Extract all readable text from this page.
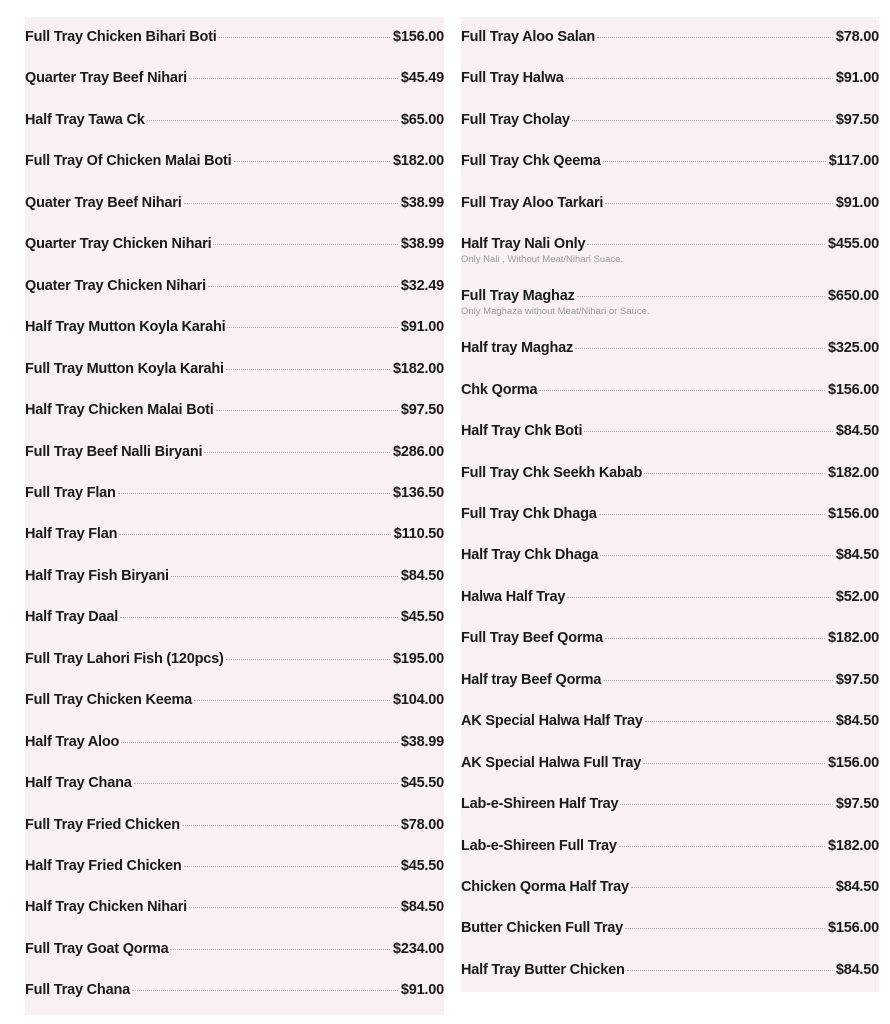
Full Tray Chicken Bihari Boti	$156.00
Quarter Tray Beef Nihari	$45.49
Half Tray Tawa Ck	$65.00
Full Tray Of Chicken Malai Boti	$182.00
Quater Tray Beef Nihari	$38.99
Quarter Tray Chicken Nihari	$38.99
Quater Tray Chicken Nihari	$32.49
Half Tray Mutton Koyla Karahi	$91.00
Full Tray Mutton Koyla Karahi	$182.00
Half Tray Chicken Malai Boti	$97.50
Full Tray Beef Nalli Biryani	$286.00
Full Tray Flan	$136.50
Half Tray Flan	$110.50
Half Tray Fish Biryani	$84.50
Half Tray Daal	$45.50
Full Tray Lahori Fish (120pcs)	$195.00
Full Tray Chicken Keema	$104.00
Half Tray Aloo	$38.99
Half Tray Chana	$45.50
Full Tray Fried Chicken	$78.00
Half Tray Fried Chicken	$45.50
Half Tray Chicken Nihari	$84.50
Full Tray Goat Qorma	$234.00
Full Tray Chana	$91.00
Full Tray Aloo Salan	$78.00
Full Tray Halwa	$91.00
Full Tray Cholay	$97.50
Full Tray Chk Qeema	$117.00
Full Tray Aloo Tarkari	$91.00
Half Tray Nali Only	$455.00
Only Nali , Without Meat/Nihari Suace.
Full Tray Maghaz	$650.00
Only Maghaza without Meat/Nihari or Sauce.
Half tray Maghaz	$325.00
Chk Qorma	$156.00
Half Tray Chk Boti	$84.50
Full Tray Chk Seekh Kabab	$182.00
Full Tray Chk Dhaga	$156.00
Half Tray Chk Dhaga	$84.50
Halwa Half Tray	$52.00
Full Tray Beef Qorma	$182.00
Half tray Beef Qorma	$97.50
AK Special Halwa Half Tray	$84.50
AK Special Halwa Full Tray	$156.00
Lab-e-Shireen Half Tray	$97.50
Lab-e-Shireen Full Tray	$182.00
Chicken Qorma Half Tray	$84.50
Butter Chicken Full Tray	$156.00
Half Tray Butter Chicken	$84.50
